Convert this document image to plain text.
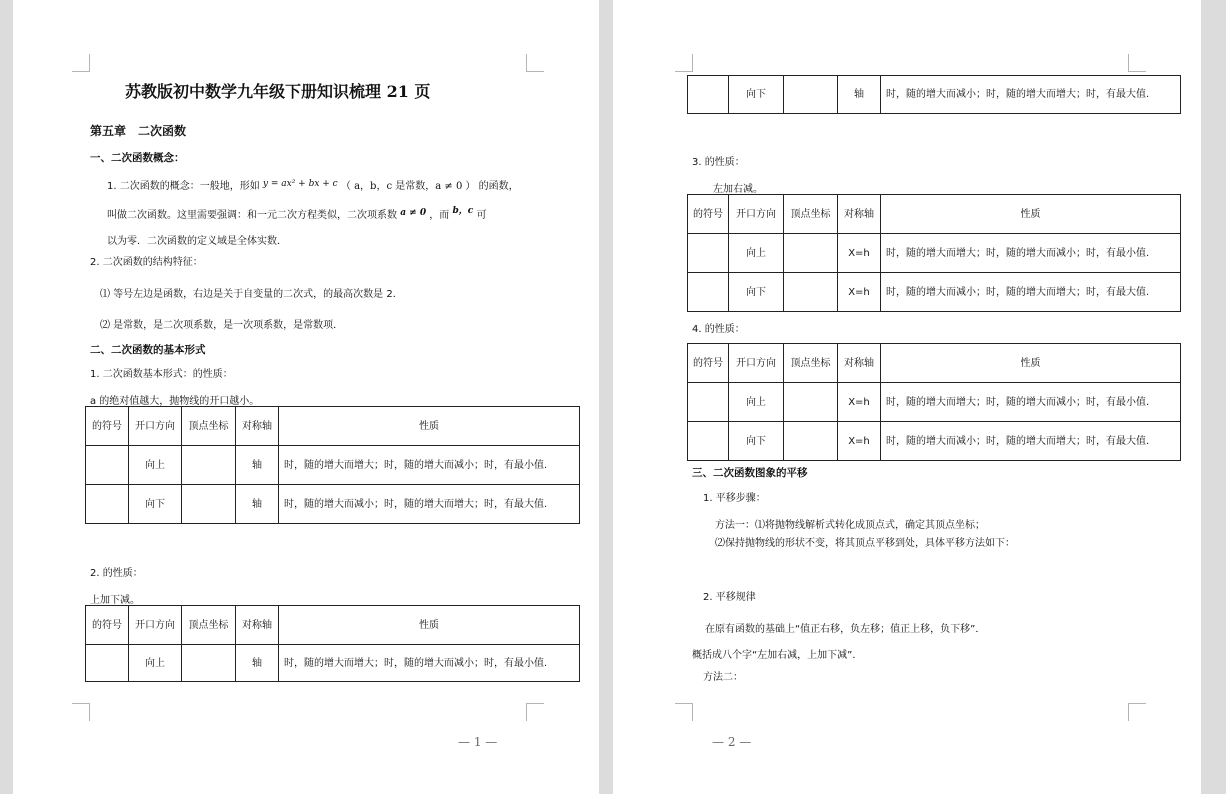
苏教版初中数学九年级下册知识梳理 21 页
第五章　二次函数
一、二次函数概念：
1. 二次函数的概念：一般地，形如 y = ax² + bx + c （ a，b，c 是常数，a ≠ 0 ） 的函数，
叫做二次函数。这里需要强调：和一元二次方程类似，二次项系数 a ≠ 0 ，而 b，c 可
以为零．二次函数的定义域是全体实数．
2. 二次函数的结构特征：
⑴ 等号左边是函数，右边是关于自变量的二次式，的最高次数是 2．
⑵ 是常数，是二次项系数，是一次项系数，是常数项．
二、二次函数的基本形式
1. 二次函数基本形式：的性质：
a 的绝对值越大，抛物线的开口越小。
的符号	开口方向	顶点坐标	对称轴	性质
	向上		轴	时，随的增大而增大；时，随的增大而减小；时，有最小值.
	向下		轴	时，随的增大而减小；时，随的增大而增大；时，有最大值.
2. 的性质：
上加下减。
的符号	开口方向	顶点坐标	对称轴	性质
	向上		轴	时，随的增大而增大；时，随的增大而减小；时，有最小值.
— 1 —
	向下		轴	时，随的增大而减小；时，随的增大而增大；时，有最大值.
3. 的性质：
左加右减。
的符号	开口方向	顶点坐标	对称轴	性质
	向上		X=h	时，随的增大而增大；时，随的增大而减小；时，有最小值.
	向下		X=h	时，随的增大而减小；时，随的增大而增大；时，有最大值.
4. 的性质：
的符号	开口方向	顶点坐标	对称轴	性质
	向上		X=h	时，随的增大而增大；时，随的增大而减小；时，有最小值.
	向下		X=h	时，随的增大而减小；时，随的增大而增大；时，有最大值.
三、二次函数图象的平移
1. 平移步骤：
方法一：⑴将抛物线解析式转化成顶点式，确定其顶点坐标；
⑵保持抛物线的形状不变，将其顶点平移到处，具体平移方法如下：
2. 平移规律
在原有函数的基础上“值正右移，负左移；值正上移，负下移”．
概括成八个字“左加右减，上加下减”．
方法二：
— 2 —
